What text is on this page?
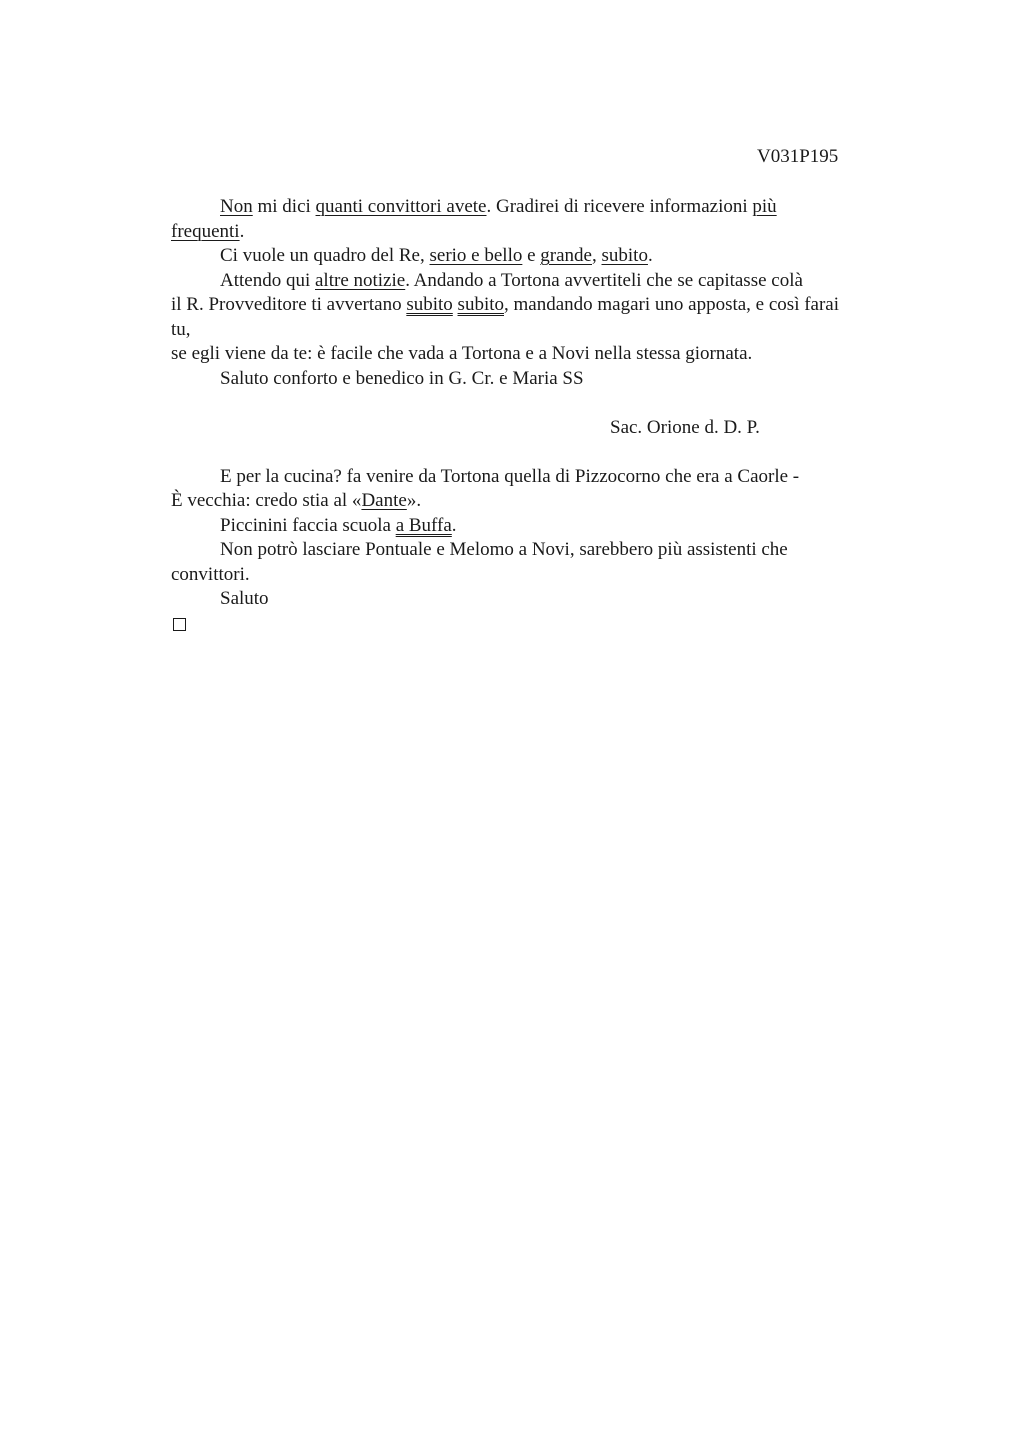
V031P195
Non mi dici quanti convittori avete. Gradirei di ricevere informazioni più
frequenti.
Ci vuole un quadro del Re, serio e bello e grande, subito.
Attendo qui altre notizie. Andando a Tortona avvertiteli che se capitasse colà
il R. Provveditore ti avvertano subito subito, mandando magari uno apposta, e così farai
tu,
se egli viene da te: è facile che vada a Tortona e a Novi nella stessa giornata.
Saluto conforto e benedico in G. Cr. e Maria SS
Sac. Orione d. D. P.
E per la cucina? fa venire da Tortona quella di Pizzocorno che era a Caorle -
È vecchia: credo stia al «Dante».
Piccinini faccia scuola a Buffa.
Non potrò lasciare Pontuale e Melomo a Novi, sarebbero più assistenti che
convittori.
Saluto
